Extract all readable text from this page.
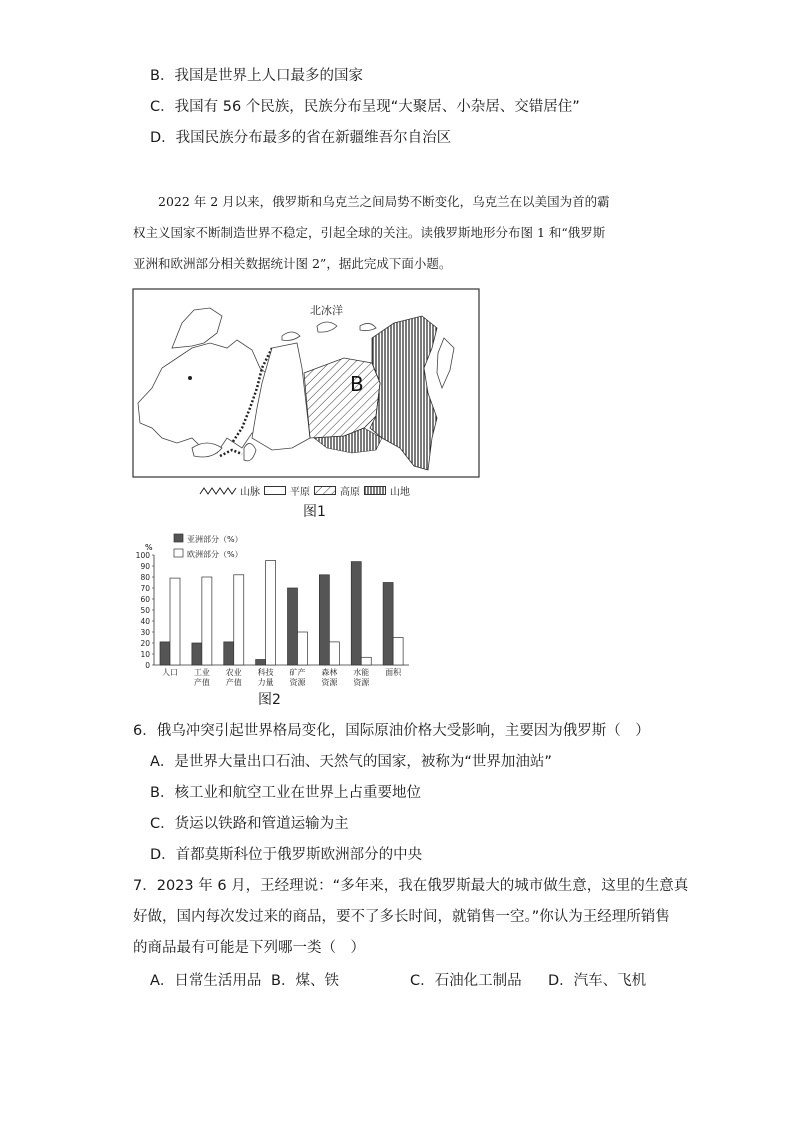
B．我国是世界上人口最多的国家
C．我国有 56 个民族，民族分布呈现“大聚居、小杂居、交错居住”
D．我国民族分布最多的省在新疆维吾尔自治区
2022 年 2 月以来，俄罗斯和乌克兰之间局势不断变化，乌克兰在以美国为首的霸
权主义国家不断制造世界不稳定，引起全球的关注。读俄罗斯地形分布图 1 和“俄罗斯
亚洲和欧洲部分相关数据统计图 2”，据此完成下面小题。
北冰洋
B
山脉	平原	高原	山地
图1
%
亚洲部分（%）
欧洲部分（%）
0
10
20
30
40
50
60
70
80
90
100
人口 工业
产值
农业
产值
科技
力量
矿产
资源
森林
资源
水能
资源
面积
图2
6．俄乌冲突引起世界格局变化，国际原油价格大受影响，主要因为俄罗斯（　）
A．是世界大量出口石油、天然气的国家，被称为“世界加油站”
B．核工业和航空工业在世界上占重要地位
C．货运以铁路和管道运输为主
D．首都莫斯科位于俄罗斯欧洲部分的中央
7．2023 年 6 月，王经理说：“多年来，我在俄罗斯最大的城市做生意，这里的生意真
好做，国内每次发过来的商品，要不了多长时间，就销售一空。”你认为王经理所销售
的商品最有可能是下列哪一类（　）
A．日常生活用品 B．煤、铁	C．石油化工制品 D．汽车、飞机
